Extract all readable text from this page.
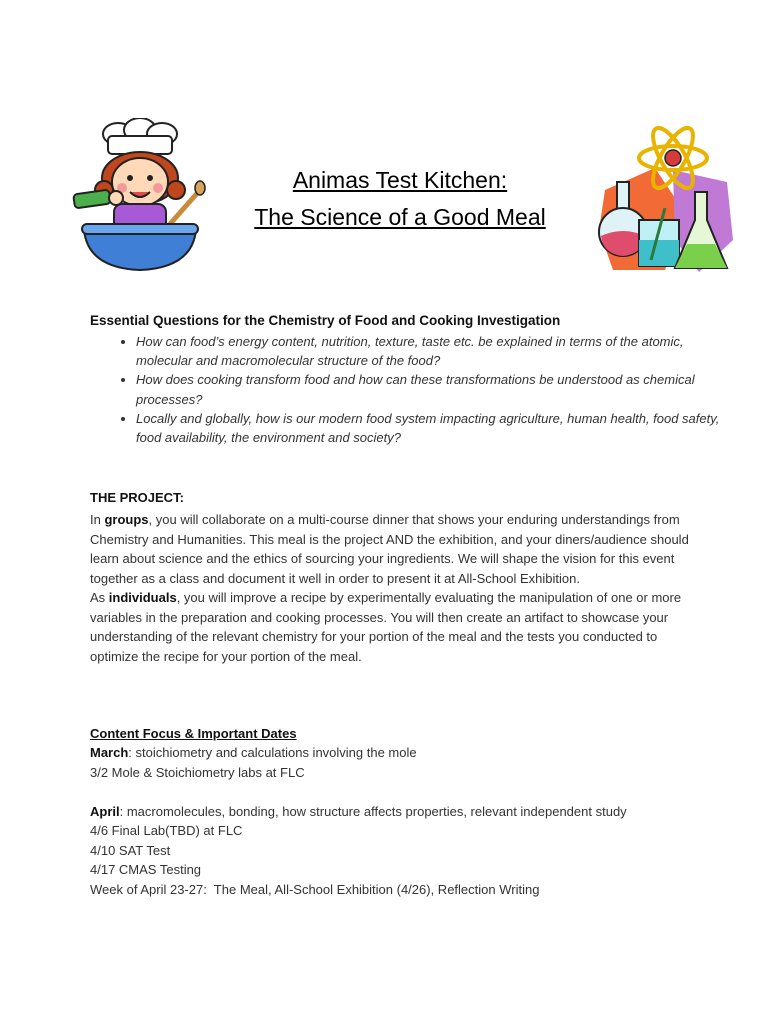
Animas Test Kitchen:
The Science of a Good Meal
Essential Questions for the Chemistry of Food and Cooking Investigation
• How can food’s energy content, nutrition, texture, taste etc. be explained in terms of the atomic, molecular and macromolecular structure of the food?
• How does cooking transform food and how can these transformations be understood as chemical processes?
• Locally and globally, how is our modern food system impacting agriculture, human health, food safety, food availability, the environment and society?
THE PROJECT:
In groups, you will collaborate on a multi-course dinner that shows your enduring understandings from Chemistry and Humanities. This meal is the project AND the exhibition, and your diners/audience should learn about science and the ethics of sourcing your ingredients. We will shape the vision for this event together as a class and document it well in order to present it at All-School Exhibition.
As individuals, you will improve a recipe by experimentally evaluating the manipulation of one or more variables in the preparation and cooking processes. You will then create an artifact to showcase your understanding of the relevant chemistry for your portion of the meal and the tests you conducted to optimize the recipe for your portion of the meal.
Content Focus & Important Dates
March: stoichiometry and calculations involving the mole
3/2 Mole & Stoichiometry labs at FLC
April: macromolecules, bonding, how structure affects properties, relevant independent study
4/6 Final Lab(TBD) at FLC
4/10 SAT Test
4/17 CMAS Testing
Week of April 23-27:  The Meal, All-School Exhibition (4/26), Reflection Writing
